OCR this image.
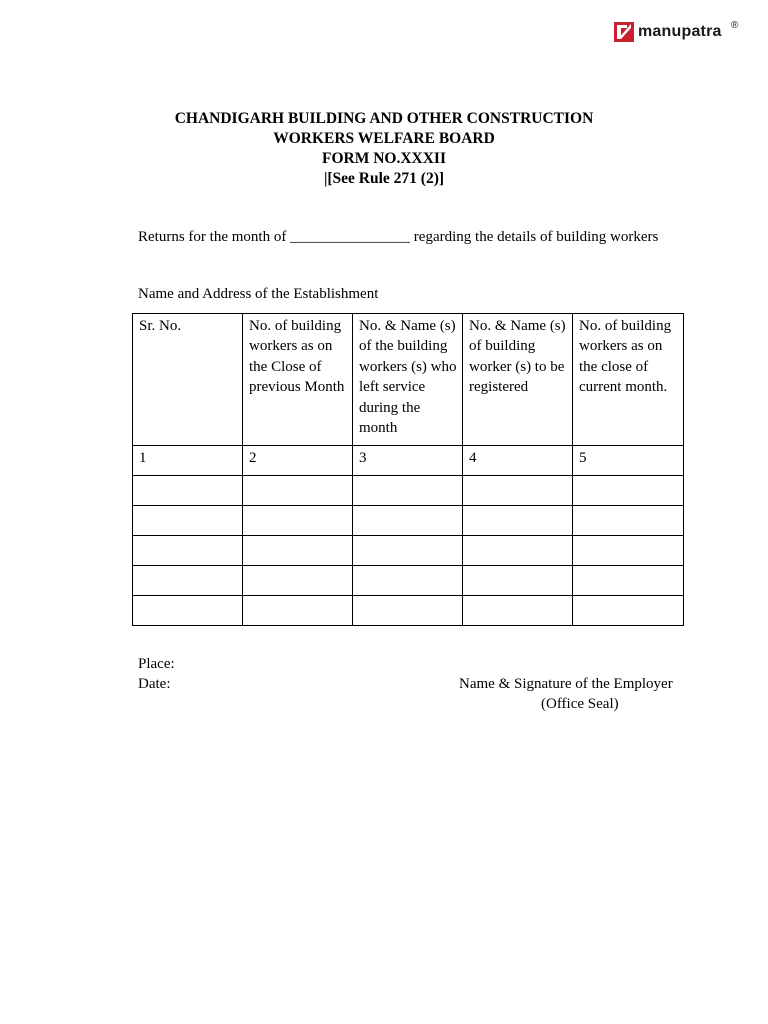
manupatra ®
CHANDIGARH BUILDING AND OTHER CONSTRUCTION
WORKERS WELFARE BOARD
FORM NO.XXXII
|[See Rule 271 (2)]
Returns for the month of ________________ regarding the details of building workers
Name and Address of the Establishment
Sr. No.	No. of building workers as on the Close of previous Month	No. & Name (s) of the building workers (s) who left service during the month	No. & Name (s) of building worker (s) to be registered	No. of building workers as on the close of current month.
1	2	3	4	5

Place:
Date:	Name & Signature of the Employer
(Office Seal)
